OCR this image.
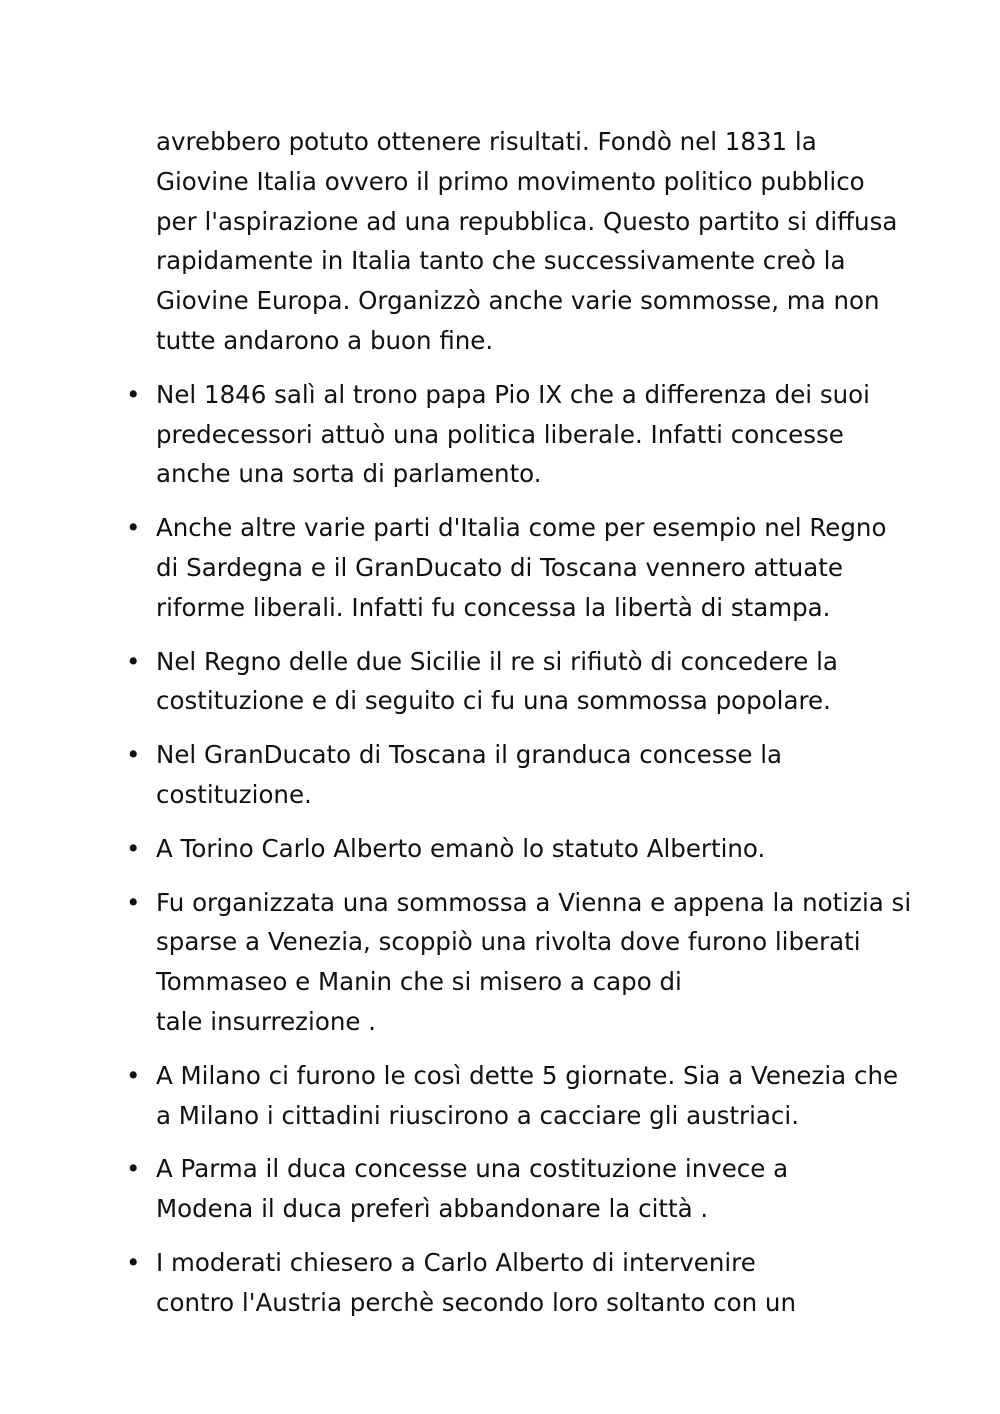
avrebbero potuto ottenere risultati. Fondò nel 1831 la
Giovine Italia ovvero il primo movimento politico pubblico
per l'aspirazione ad una repubblica. Questo partito si diffusa
rapidamente in Italia tanto che successivamente creò la
Giovine Europa. Organizzò anche varie sommosse, ma non
tutte andarono a buon fine.

• Nel 1846 salì al trono papa Pio IX che a differenza dei suoi
predecessori attuò una politica liberale. Infatti concesse
anche una sorta di parlamento.

• Anche altre varie parti d'Italia come per esempio nel Regno
di Sardegna e il GranDucato di Toscana vennero attuate
riforme liberali. Infatti fu concessa la libertà di stampa.

• Nel Regno delle due Sicilie il re si rifiutò di concedere la
costituzione e di seguito ci fu una sommossa popolare.

• Nel GranDucato di Toscana il granduca concesse la
costituzione.

• A Torino Carlo Alberto emanò lo statuto Albertino.

• Fu organizzata una sommossa a Vienna e appena la notizia si
sparse a Venezia, scoppiò una rivolta dove furono liberati
Tommaseo e Manin che si misero a capo di
tale insurrezione .

• A Milano ci furono le così dette 5 giornate. Sia a Venezia che
a Milano i cittadini riuscirono a cacciare gli austriaci.

• A Parma il duca concesse una costituzione invece a
Modena il duca preferì abbandonare la città .

• I moderati chiesero a Carlo Alberto di intervenire
contro l'Austria perchè secondo loro soltanto con un
